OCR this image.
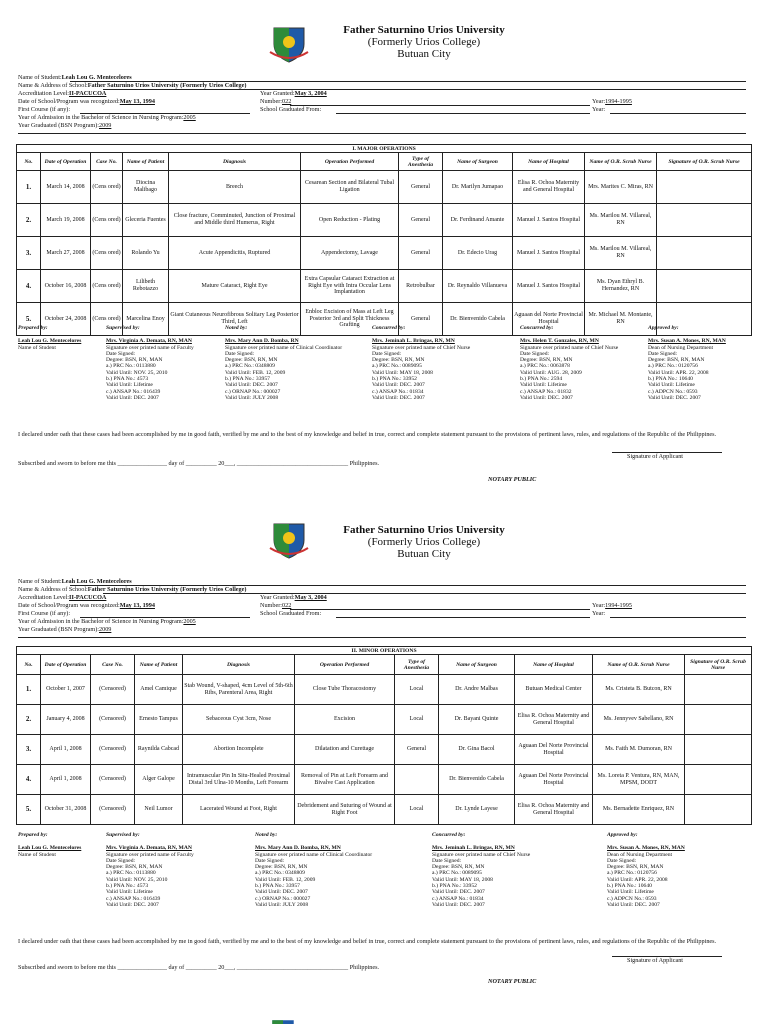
Father Saturnino Urios University
(Formerly Urios College)
Butuan City
Name of Student:Leah Lou G. Mentecelores
Name & Address of School:Father Saturnino Urios University (Formerly Urios College)
Accreditation Level:II-PACUCOA	Year Granted:May 3, 2004
Date of School/Program was recognized:May 13, 1994	Number:022	Year:1994-1995
First Course (if any):	School Graduated From:	Year:
Year of Admission in the Bachelor of Science in Nursing Program:2005
Year Graduated (BSN Program):2009
I. MAJOR OPERATIONS										
No.	Date of Operation	Case No.	Name of Patient	Diagnosis	Operation Performed	Type of Anesthesia	Name of Surgeon	Name of Hospital	Name of O.R. Scrub Nurse	Signature of O.R. Scrub Nurse
1.	March 14, 2008	(Cens ored)	Diocina Malibago	Breech	Cesarean Section and Bilateral Tubal Ligation	General	Dr. Marilyn Jumapao	Elisa R. Ochoa Maternity and General Hospital	Mrs. Marites C. Miras, RN	
2.	March 19, 2008	(Cens ored)	Gleceria Fuentes	Close fracture, Comminuted, Junction of Proximal and Middle third Humerus, Right	Open Reduction - Plating	General	Dr. Ferdinand Amante	Manuel J. Santos Hospital	Ms. Marilou M. Villareal, RN	
3.	March 27, 2008	(Cens ored)	Rolando Yu	Acute Appendicitis, Ruptured	Appendectomy, Lavage	General	Dr. Edecio Urag	Manuel J. Santos Hospital	Ms. Marilou M. Villareal, RN	
4.	October 16, 2008	(Cens ored)	Lilibeth Rebotazzo	Mature Cataract, Right Eye	Extra Capsular Cataract Extraction at Right Eye with Intra Occular Lens Implantation	Retrobulbar	Dr. Reynaldo Villanueva	Manuel J. Santos Hospital	Ms. Dyan Ethryl B. Hernandez, RN	
5.	October 24, 2008	(Cens ored)	Marcelina Enoy	Giant Cutaneous Neurofibrous Solitary Leg Posterior Third, Left	Enbloc Excision of Mass at Left Leg Posterior 3rd and Split Thickness Grafting	General	Dr. Bienvenido Cabela	Aguaan del Norte Provincial Hospital	Mr. Michael M. Montante, RN	
Prepared by:
Leah Lou G. Mentecelores
Name of Student
Supervised by:
Mrs. Virginia A. Demata, RN, MAN
Signature over printed name of Faculty
Date Signed:
Degree: BSN, RN, MAN
a.) PRC No.: 0113880
Valid Until: NOV. 25, 2010
b.) PNA No.: 4573
Valid Until: Lifetime
c.) ANSAP No.: 016439
Valid Until: DEC. 2007
Noted by:
Mrs. Mary Ann D. Bomba, RN
Signature over printed name of Clinical Coordinator
Date Signed:
Degree: BSN, RN, MN
a.) PRC No.: 0348809
Valid Until: FEB. 12, 2009
b.) PNA No.: 33957
Valid Until: DEC. 2007
c.) ORNAP No.: 000027
Valid Until: JULY 2008
Concurred by:
Mrs. Jeminah L. Bringas, RN, MN
Signature over printed name of Chief Nurse
Date Signed:
Degree: BSN, RN, MN
a.) PRC No.: 0089095
Valid Until: MAY 18, 2008
b.) PNA No.: 33952
Valid Until: DEC. 2007
c.) ANSAP No.: 01834
Valid Until: DEC. 2007
Concurred by:
Mrs. Helen T. Gonzales, RN, MN
Signature over printed name of Chief Nurse
Date Signed:
Degree: BSN, RN, MN
a.) PRC No.: 0063878
Valid Until: AUG. 28, 2009
b.) PNA No.: 2594
Valid Until: Lifetime
c.) ANSAP No.: 01832
Valid Until: DEC. 2007
Approved by:
Mrs. Susan A. Mones, RN, MAN
Dean of Nursing Department
Date Signed:
Degree: BSN, RN, MAN
a.) PRC No.: 0120756
Valid Until: APR. 22, 2008
b.) PNA No.: 10640
Valid Until: Lifetime
c.) ADPCN No.: 0593
Valid Until: DEC. 2007
I declared under oath that these cases had been accomplished by me in good faith, verified by me and to the best of my knowledge and belief in true, correct and complete statement pursuant to the provisions of pertinent laws, rules, and regulations of the Republic of the Philippines.
Signature of Applicant
Subscribed and sworn to before me this ________________ day of __________ 20___, ____________________________________ Philippines.
NOTARY PUBLIC
Father Saturnino Urios University
(Formerly Urios College)
Butuan City
Name of Student:Leah Lou G. Mentecelores
Name & Address of School:Father Saturnino Urios University (Formerly Urios College)
Accreditation Level:II-PACUCOA	Year Granted:May 3, 2004
Date of School/Program was recognized:May 13, 1994	Number:022	Year:1994-1995
First Course (if any):	School Graduated From:	Year:
Year of Admission in the Bachelor of Science in Nursing Program:2005
Year Graduated (BSN Program):2009
II. MINOR OPERATIONS										
No.	Date of Operation	Case No.	Name of Patient	Diagnosis	Operation Performed	Type of Anesthesia	Name of Surgeon	Name of Hospital	Name of O.R. Scrub Nurse	Signature of O.R. Scrub Nurse
1.	October 1, 2007	(Censored)	Amel Camique	Stab Wound, V-shaped, 4cm Level of 5th-6th Ribs, Parenteral Area, Right	Close Tube Thoracostomy	Local	Dr. Andre Malbas	Butuan Medical Center	Ms. Cristeta B. Butcon, RN	
2.	January 4, 2008	(Censored)	Ernesto Tampus	Sebaceous Cyst 3cm, Nose	Excision	Local	Dr. Bayani Quinte	Elisa R. Ochoa Maternity and General Hospital	Ms. Jennyvev Sabellano, RN	
3.	April 1, 2008	(Censored)	Raynilda Cabcad	Abortion Incomplete	Dilatation and Curettage	General	Dr. Gina Bacol	Aguaan Del Norte Provincial Hospital	Ms. Faith M. Dumoran, RN	
4.	April 1, 2008	(Censored)	Alger Galope	Intramuscular Pin In Situ-Healed Proximal Distal 3rd Ulna-10 Months, Left Forearm	Removal of Pin at Left Forearm and Bivalve Cast Application		Dr. Bienvenido Cabela	Aguaan Del Norte Provincial Hospital	Ms. Loreta P. Ventura, RN, MAN, MPSM, DODT	
5.	October 31, 2008	(Censored)	Neil Lumor	Lacerated Wound at Foot, Right	Debridement and Suturing of Wound at Right Foot	Local	Dr. Lynde Layese	Elisa R. Ochoa Maternity and General Hospital	Ms. Bernadette Enriquez, RN	
Prepared by:
Leah Lou G. Mentecelores
Name of Student
Supervised by:
Mrs. Virginia A. Demata, RN, MAN
Signature over printed name of Faculty
Date Signed:
Degree: BSN, RN, MAN
a.) PRC No.: 0113880
Valid Until: NOV. 25, 2010
b.) PNA No.: 4573
Valid Until: Lifetime
c.) ANSAP No.: 016439
Valid Until: DEC. 2007
Noted by:
Mrs. Mary Ann D. Bomba, RN, MN
Signature over printed name of Clinical Coordinator
Date Signed:
Degree: BSN, RN, MN
a.) PRC No.: 0348809
Valid Until: FEB. 12, 2009
b.) PNA No.: 33957
Valid Until: DEC. 2007
c.) ORNAP No.: 000027
Valid Until: JULY 2008
Concurred by:
Mrs. Jeminah L. Bringas, RN, MN
Signature over printed name of Chief Nurse
Date Signed:
Degree: BSN, RN, MN
a.) PRC No.: 0089095
Valid Until: MAY 18, 2008
b.) PNA No.: 33952
Valid Until: DEC. 2007
c.) ANSAP No.: 01834
Valid Until: DEC. 2007
Approved by:
Mrs. Susan A. Mones, RN, MAN
Dean of Nursing Department
Date Signed:
Degree: BSN, RN, MAN
a.) PRC No.: 0120756
Valid Until: APR. 22, 2008
b.) PNA No.: 10640
Valid Until: Lifetime
c.) ADPCN No.: 0593
Valid Until: DEC. 2007
I declared under oath that these cases had been accomplished by me in good faith, verified by me and to the best of my knowledge and belief in true, correct and complete statement pursuant to the provisions of pertinent laws, rules, and regulations of the Republic of the Philippines.
Signature of Applicant
Subscribed and sworn to before me this ________________ day of __________ 20___, ____________________________________ Philippines.
NOTARY PUBLIC
